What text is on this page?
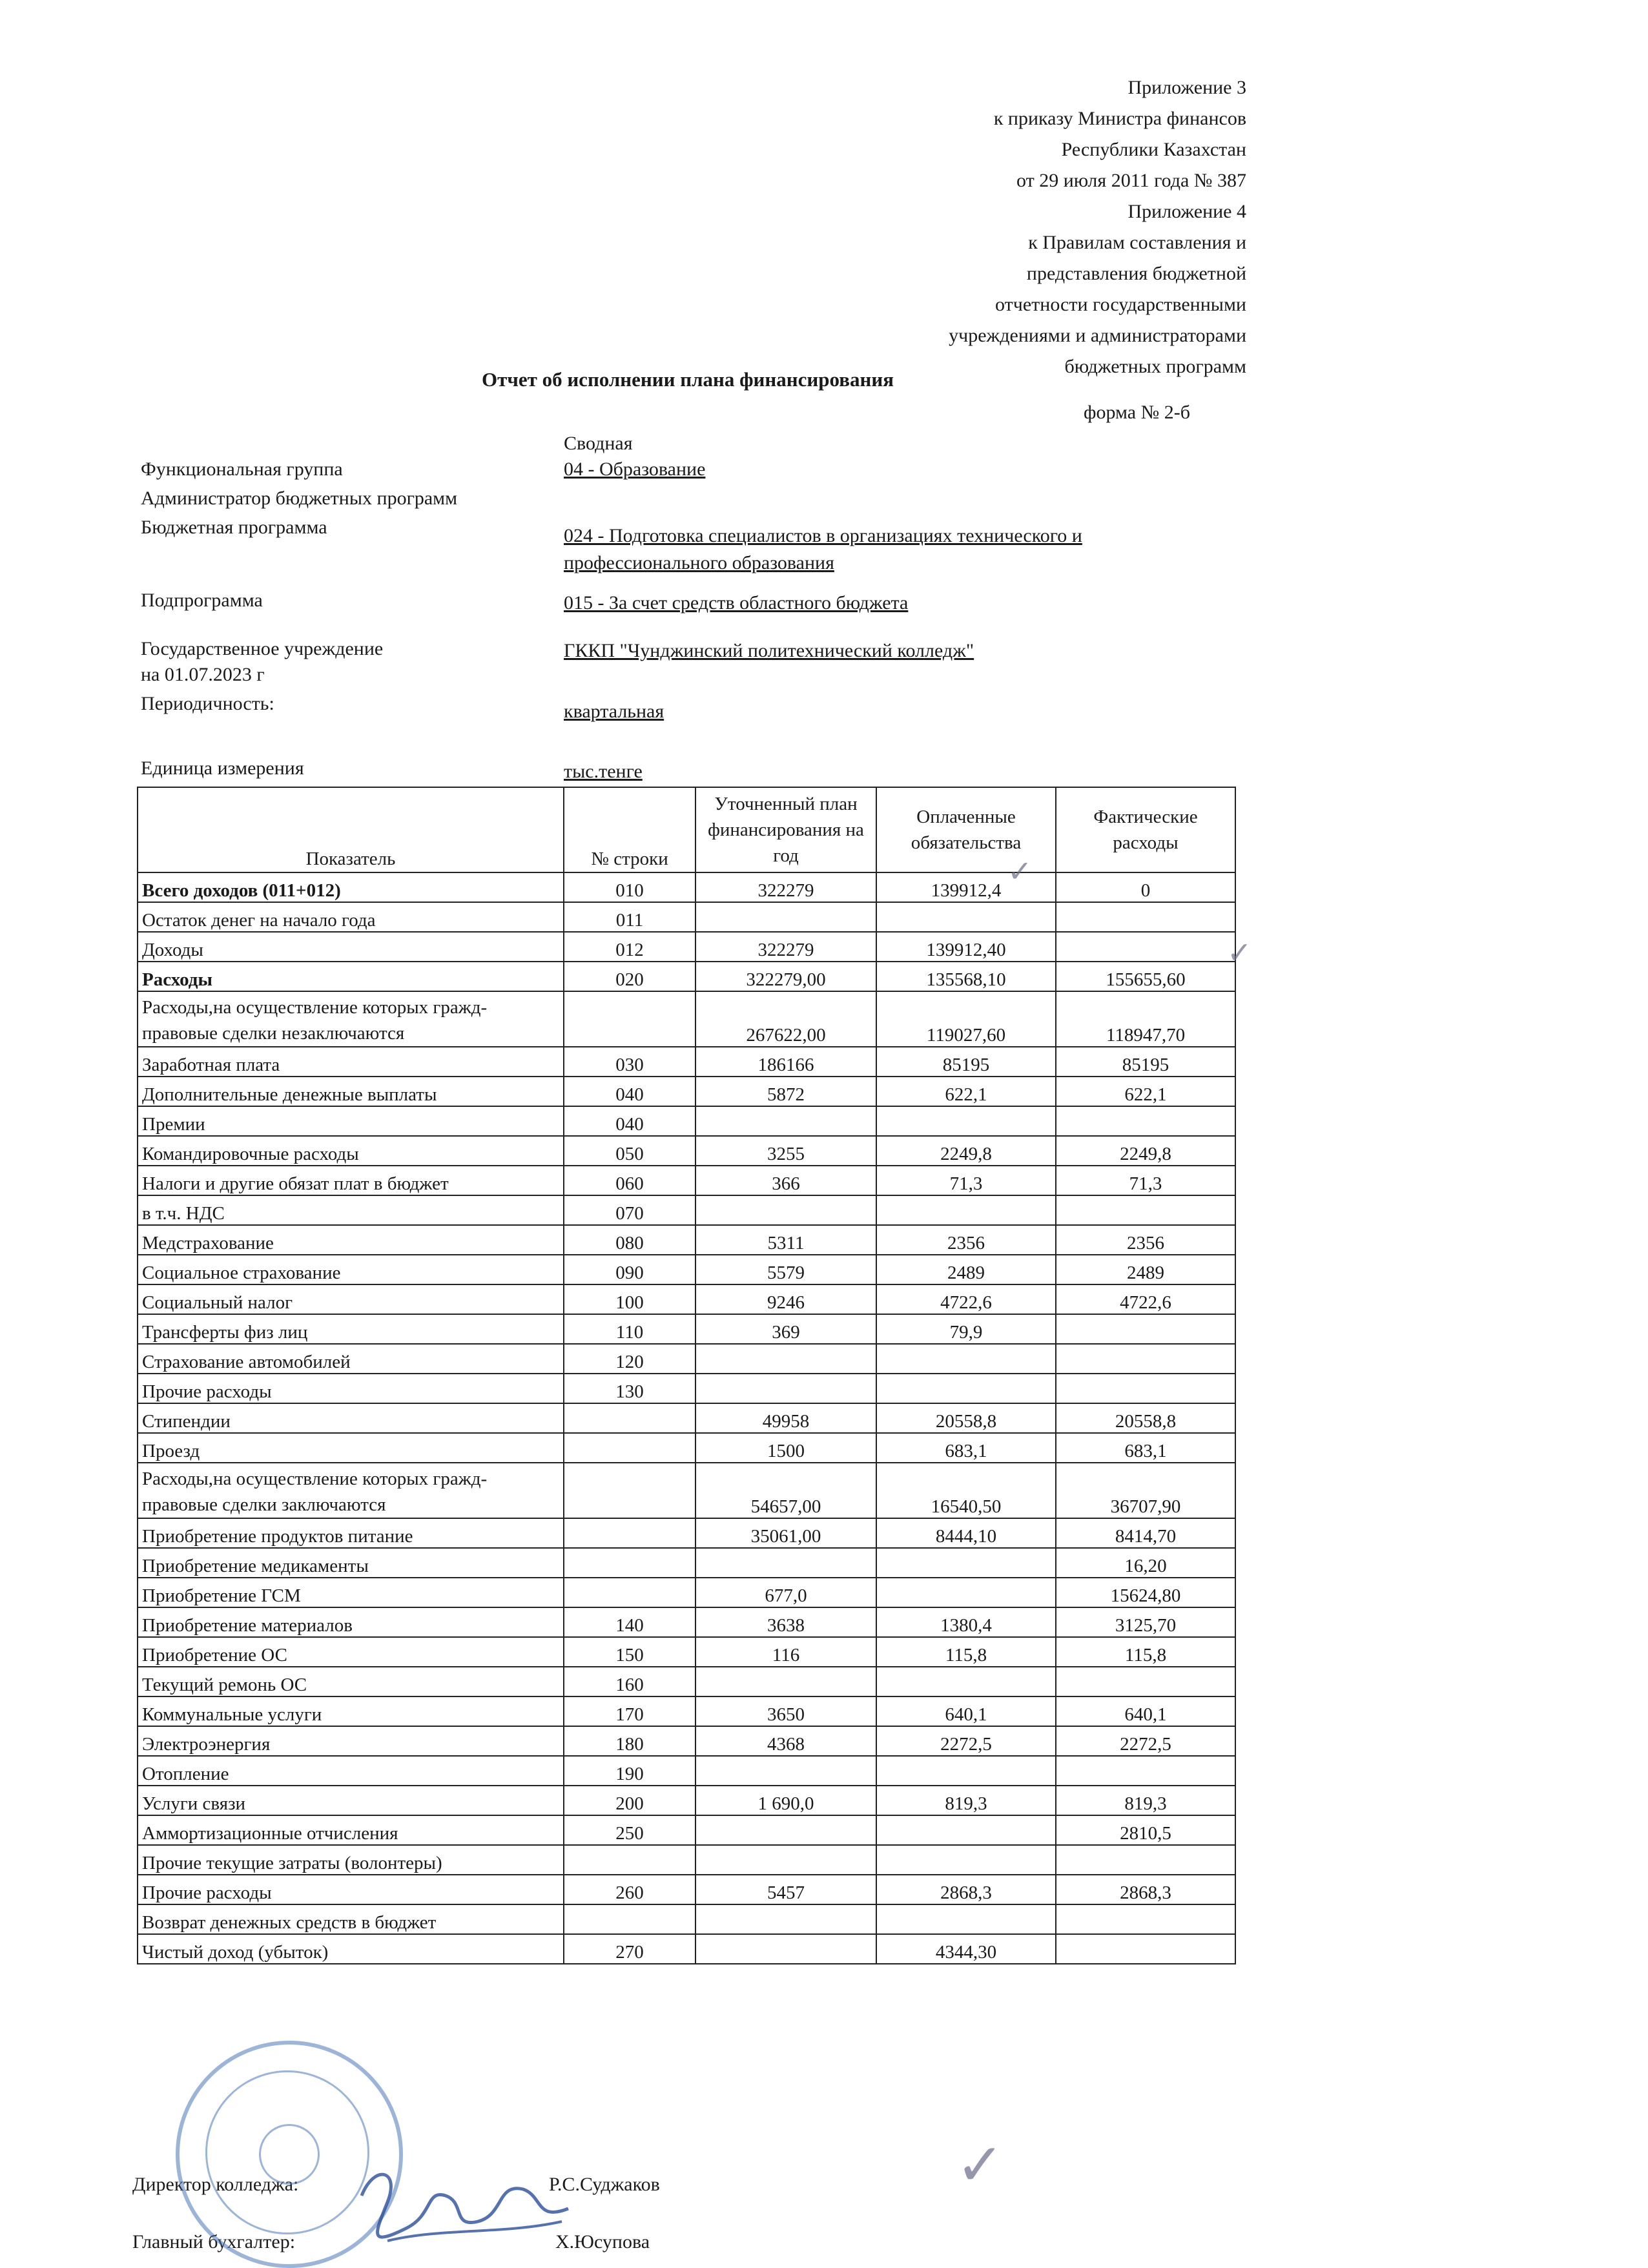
Приложение 3
к приказу Министра финансов
Республики Казахстан
от 29 июля 2011 года № 387
Приложение 4
к Правилам составления и
представления бюджетной
отчетности государственными
учреждениями и администраторами
бюджетных программ
Отчет об исполнении плана финансирования
форма № 2-б
Сводная
Функциональная группа	04 - Образование
Администратор бюджетных программ
Бюджетная программа	024 - Подготовка специалистов в организациях технического и
профессионального образования
Подпрограмма	015 - За счет средств областного бюджета
Государственное учреждение
на 01.07.2023 г
ГККП "Чунджинский политехнический колледж"
Периодичность:	квартальная
Единица измерения	тыс.тенге
Показатель	№ строки	Уточненный план финансирования на год	Оплаченные обязательства	Фактические расходы
Всего доходов (011+012)	010	322279	139912,4	0
Остаток денег на начало года	011			
Доходы	012	322279	139912,40	
Расходы	020	322279,00	135568,10	155655,60
Расходы,на осуществление которых гражд-правовые сделки незаключаются		267622,00	119027,60	118947,70
Заработная плата	030	186166	85195	85195
Дополнительные денежные выплаты	040	5872	622,1	622,1
Премии	040			
Командировочные расходы	050	3255	2249,8	2249,8
Налоги и другие обязат плат в бюджет	060	366	71,3	71,3
в т.ч. НДС	070			
Медстрахование	080	5311	2356	2356
Социальное страхование	090	5579	2489	2489
Социальный налог	100	9246	4722,6	4722,6
Трансферты физ лиц	110	369	79,9	
Страхование автомобилей	120			
Прочие расходы	130			
Стипендии		49958	20558,8	20558,8
Проезд		1500	683,1	683,1
Расходы,на осуществление которых гражд-правовые сделки заключаются		54657,00	16540,50	36707,90
Приобретение продуктов питание		35061,00	8444,10	8414,70
Приобретение медикаменты				16,20
Приобретение ГСМ		677,0		15624,80
Приобретение материалов	140	3638	1380,4	3125,70
Приобретение ОС	150	116	115,8	115,8
Текущий ремонь ОС	160			
Коммунальные услуги	170	3650	640,1	640,1
Электроэнергия	180	4368	2272,5	2272,5
Отопление	190			
Услуги связи	200	1 690,0	819,3	819,3
Аммортизационные отчисления	250			2810,5
Прочие текущие затраты (волонтеры)				
Прочие расходы	260	5457	2868,3	2868,3
Возврат денежных средств в бюджет				
Чистый доход (убыток)	270		4344,30	
Директор колледжа:	Р.С.Суджаков
Главный бухгалтер:	Х.Юсупова
✓
✓
✓
